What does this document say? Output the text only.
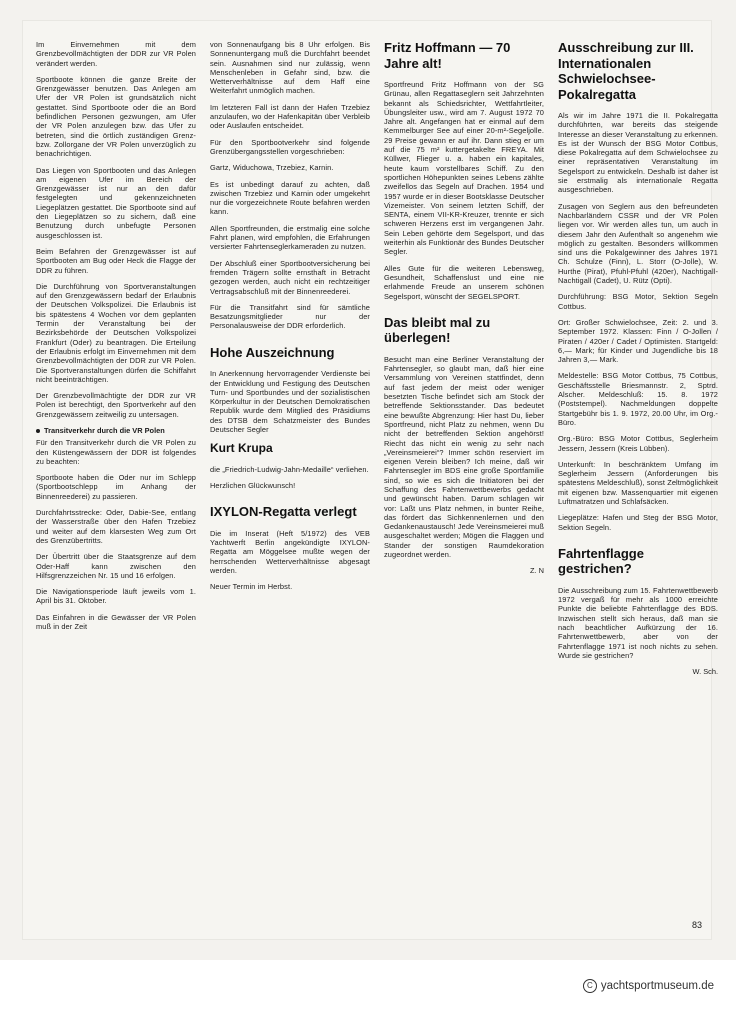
Im Einvernehmen mit dem Grenzbevollmächtigten der DDR zur VR Polen verändert werden.

Sportboote können die ganze Breite der Grenzgewässer benutzen. Das Anlegen am Ufer der VR Polen ist grundsätzlich nicht gestattet. Sind Sportboote oder die an Bord befindlichen Personen gezwungen, am Ufer der VR Polen anzulegen bzw. das Ufer zu betreten, sind die örtlich zuständigen Grenz- bzw. Zollorgane der VR Polen unverzüglich zu benachrichtigen.

Das Liegen von Sportbooten und das Anlegen am eigenen Ufer im Bereich der Grenzgewässer ist nur an den dafür festgelegten und gekennzeichneten Liegeplätzen gestattet. Die Sportboote sind auf den Liegeplätzen so zu sichern, daß eine Benutzung durch unbefugte Personen ausgeschlossen ist.

Beim Befahren der Grenzgewässer ist auf Sportbooten am Bug oder Heck die Flagge der DDR zu führen.

Die Durchführung von Sportveranstaltungen auf den Grenzgewässern bedarf der Erlaubnis der Deutschen Volkspolizei. Die Erlaubnis ist bis spätestens 4 Wochen vor dem geplanten Termin der Veranstaltung bei der Bezirksbehörde der Deutschen Volkspolizei Frankfurt (Oder) zu beantragen. Die Erteilung der Erlaubnis erfolgt im Einvernehmen mit dem Grenzbevollmächtigten der DDR zur VR Polen. Die Sportveranstaltungen dürfen die Schiffahrt nicht beeinträchtigen.

Der Grenzbevollmächtigte der DDR zur VR Polen ist berechtigt, den Sportverkehr auf den Grenzgewässern zeitweilig zu untersagen.

Transitverkehr durch die VR Polen

Für den Transitverkehr durch die VR Polen zu den Küstengewässern der DDR ist folgendes zu beachten:

Sportboote haben die Oder nur im Schlepp (Sportbootschlepp im Anhang der Binnenreederei) zu passieren.

Durchfahrtsstrecke: Oder, Dabie-See, entlang der Wasserstraße über den Hafen Trzebiez und weiter auf dem klarsesten Weg zum Ort des Grenzübertritts.

Der Übertritt über die Staatsgrenze auf dem Oder-Haff kann zwischen den Hilfsgrenzzeichen Nr. 15 und 16 erfolgen.

Die Navigationsperiode läuft jeweils vom 1. April bis 31. Oktober.

Das Einfahren in die Gewässer der VR Polen muß in der Zeit

von Sonnenaufgang bis 8 Uhr erfolgen. Bis Sonnenuntergang muß die Durchfahrt beendet sein. Ausnahmen sind nur zulässig, wenn Menschenleben in Gefahr sind, bzw. die Wetterverhältnisse auf dem Haff eine Weiterfahrt unmöglich machen.

Im letzteren Fall ist dann der Hafen Trzebiez anzulaufen, wo der Hafenkapitän über Verbleib oder Auslaufen entscheidet.

Für den Sportbootverkehr sind folgende Grenzübergangsstellen vorgeschrieben:

Gartz, Widuchowa, Trzebiez, Karnin.

Es ist unbedingt darauf zu achten, daß zwischen Trzebiez und Karnin oder umgekehrt nur die vorgezeichnete Route befahren werden kann.

Allen Sportfreunden, die erstmalig eine solche Fahrt planen, wird empfohlen, die Erfahrungen versierter Fahrtenseglerkameraden zu nutzen.

Der Abschluß einer Sportbootversicherung bei fremden Trägern sollte ernsthaft in Betracht gezogen werden, auch nicht ein rechtzeitiger Vertragsabschluß mit der Binnenreederei.

Für die Transitfahrt sind für sämtliche Besatzungsmitglieder nur der Personalausweise der DDR erforderlich.

Hohe Auszeichnung

In Anerkennung hervorragender Verdienste bei der Entwicklung und Festigung des Deutschen Turn- und Sportbundes und der sozialistischen Körperkultur in der Deutschen Demokratischen Republik wurde dem Mitglied des Präsidiums des DTSB dem Schatzmeister des Bundes Deutscher Segler

Kurt Krupa

die „Friedrich-Ludwig-Jahn-Medaille“ verliehen.

Herzlichen Glückwunsch!

IXYLON-Regatta verlegt

Die im Inserat (Heft 5/1972) des VEB Yachtwerft Berlin angekündigte IXYLON-Regatta am Möggelsee mußte wegen der herrschenden Wetterverhältnisse abgesagt werden.

Neuer Termin im Herbst.

Fritz Hoffmann — 70 Jahre alt!

Sportfreund Fritz Hoffmann von der SG Grünau, allen Regattaseglern seit Jahrzehnten bekannt als Schiedsrichter, Wettfahrtleiter, Übungsleiter usw., wird am 7. August 1972 70 Jahre alt. Angefangen hat er einmal auf dem Kemmelburger See auf einer 20-m²-Segeljolle. 29 Preise gewann er auf ihr. Dann stieg er um auf die 75 m² kuttergetakelte FREYA. Mit Küllwer, Flieger u. a. haben ein kapitales, heute kaum vorstellbares Schiff. Zu den sportlichen Höhepunkten seines Lebens zählte zweifellos das Segeln auf Drachen. 1954 und 1957 wurde er in dieser Bootsklasse Deutscher Vizemeister. Von seinem letzten Schiff, der SENTA, einem VII-KR-Kreuzer, trennte er sich schweren Herzens erst im vergangenen Jahr. Sein Leben gehörte dem Segelsport, und das weiterhin als Funktionär des Bundes Deutscher Segler.

Alles Gute für die weiteren Lebensweg, Gesundheit, Schaffenslust und eine nie erlahmende Freude an unserem schönen Segelsport, wünscht der SEGELSPORT.

Das bleibt mal zu überlegen!

Besucht man eine Berliner Veranstaltung der Fahrtensegler, so glaubt man, daß hier eine Versammlung von Vereinen stattfindet, denn auf fast jedem der meist oder weniger besetzten Tische befindet sich am Stock der betreffende Sektionsstander. Das bedeutet eine bewußte Abgrenzung: Hier hast Du, lieber Sportfreund, nicht Platz zu nehmen, wenn Du nicht der betreffenden Sektion angehörst! Riecht das nicht ein wenig zu sehr nach „Vereinsmeierei“? Immer schön reserviert im eigenen Verein bleiben? Ich meine, daß wir Fahrtensegler im BDS eine große Sportfamilie sind, so wie es sich die Initiatoren bei der Schaffung des Fahrtenwettbewerbs gedacht und gewünscht haben. Darum schlagen wir vor: Laßt uns Platz nehmen, in bunter Reihe, das fördert das Sichkennenlernen und den Gedankenaustausch! Jede Vereinsmeierei muß ausgeschaltet werden; Mögen die Flaggen und Stander der sonstigen Raumdekoration zugeordnet werden.

Z. N
Ausschreibung zur III. Internationalen Schwielochsee-Pokalregatta

Als wir im Jahre 1971 die II. Pokalregatta durchführten, war bereits das steigende Interesse an dieser Veranstaltung zu erkennen. Es ist der Wunsch der BSG Motor Cottbus, diese Pokalregatta auf dem Schwielochsee zu einer repräsentativen Veranstaltung im Segelsport zu entwickeln. Deshalb ist daher ist sie erstmalig als internationale Regatta ausgeschrieben.

Zusagen von Seglern aus den befreundeten Nachbarländern CSSR und der VR Polen liegen vor. Wir werden alles tun, um auch in diesem Jahr den Aufenthalt so angenehm wie möglich zu gestalten. Besonders willkommen sind uns die Pokalgewinner des Jahres 1971 Ch. Schulze (Finn), L. Storr (O-Jolle), W. Hurthe (Pirat), Pfuhl-Pfuhl (420er), Nachtigall-Nachtigall (Cadet), U. Rütz (Opti).

Durchführung: BSG Motor, Sektion Segeln Cottbus.

Ort: Großer Schwielochsee, Zeit: 2. und 3. September 1972. Klassen: Finn / O-Jollen / Piraten / 420er / Cadet / Optimisten. Startgeld: 6,— Mark; für Kinder und Jugendliche bis 18 Jahren 3,— Mark.

Meldestelle: BSG Motor Cottbus, 75 Cottbus, Geschäftsstelle Briesmannstr. 2, Sptrd. Alscher. Meldeschluß: 15. 8. 1972 (Poststempel). Nachmeldungen doppelte Startgebühr bis 1. 9. 1972, 20.00 Uhr, im Org.-Büro.

Org.-Büro: BSG Motor Cottbus, Seglerheim Jessern, Jessern (Kreis Lübben).

Unterkunft: In beschränktem Umfang im Seglerheim Jessern (Anforderungen bis spätestens Meldeschluß), sonst Zeltmöglichkeit mit eigenen bzw. Massenquartier mit eigenen Luftmatratzen und Schlafsäcken.

Liegeplätze: Hafen und Steg der BSG Motor, Sektion Segeln.

Fahrtenflagge gestrichen?

Die Ausschreibung zum 15. Fahrtenwettbewerb 1972 vergaß für mehr als 1000 erreichte Punkte die beliebte Fahrtenflagge des BDS. Inzwischen stellt sich heraus, daß man sie nach beachtlicher Aufkürzung der 16. Fahrtenwettbewerb, aber von der Fahrtenflagge 1971 ist noch nichts zu sehen. Wurde sie gestrichen?

W. Sch.
83
C yachtsportmuseum.de
